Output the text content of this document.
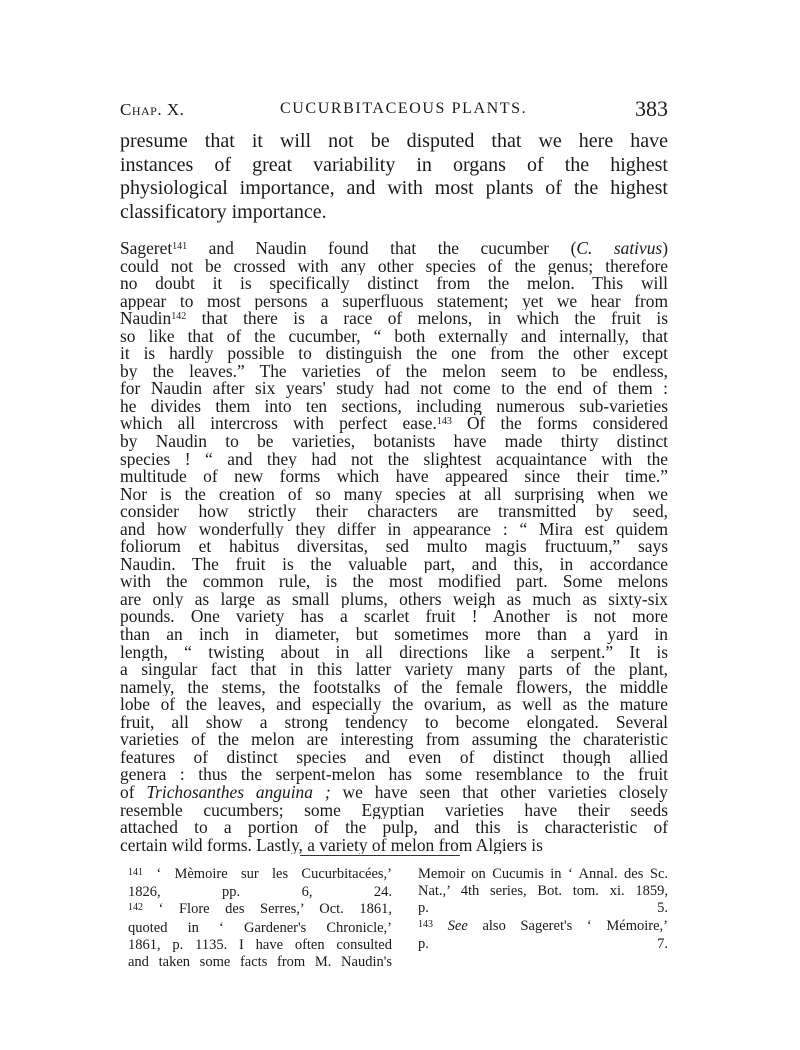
Chap. X.	CUCURBITACEOUS PLANTS.	383
presume that it will not be disputed that we here have
instances of great variability in organs of the highest
physiological importance, and with most plants of the highest
classificatory importance.
Sageret$^{141}$ and Naudin found that the cucumber (C. sativus)
could not be crossed with any other species of the genus; therefore
no doubt it is specifically distinct from the melon. This will
appear to most persons a superfluous statement; yet we hear from
Naudin$^{142}$ that there is a race of melons, in which the fruit is
so like that of the cucumber, “ both externally and internally, that
it is hardly possible to distinguish the one from the other except
by the leaves.” The varieties of the melon seem to be endless,
for Naudin after six years' study had not come to the end of them :
he divides them into ten sections, including numerous sub-varieties
which all intercross with perfect ease.$^{143}$ Of the forms considered
by Naudin to be varieties, botanists have made thirty distinct
species ! “ and they had not the slightest acquaintance with the
multitude of new forms which have appeared since their time.”
Nor is the creation of so many species at all surprising when we
consider how strictly their characters are transmitted by seed,
and how wonderfully they differ in appearance : “ Mira est quidem
foliorum et habitus diversitas, sed multo magis fructuum,” says
Naudin. The fruit is the valuable part, and this, in accordance
with the common rule, is the most modified part. Some melons
are only as large as small plums, others weigh as much as sixty-six
pounds. One variety has a scarlet fruit ! Another is not more
than an inch in diameter, but sometimes more than a yard in
length, “ twisting about in all directions like a serpent.” It is
a singular fact that in this latter variety many parts of the plant,
namely, the stems, the footstalks of the female flowers, the middle
lobe of the leaves, and especially the ovarium, as well as the mature
fruit, all show a strong tendency to become elongated. Several
varieties of the melon are interesting from assuming the charateristic
features of distinct species and even of distinct though allied
genera : thus the serpent-melon has some resemblance to the fruit
of Trichosanthes anguina ; we have seen that other varieties closely
resemble cucumbers; some Egyptian varieties have their seeds
attached to a portion of the pulp, and this is characteristic of
certain wild forms. Lastly, a variety of melon from Algiers is
$^{141}$ ‘ Mèmoire sur les Cucurbitacées,’
1826, pp. 6, 24.
$^{142}$ ‘ Flore des Serres,’ Oct. 1861,
quoted in ‘ Gardener's Chronicle,’
1861, p. 1135. I have often consulted
and taken some facts from M. Naudin's
Memoir on Cucumis in ‘ Annal. des Sc.
Nat.,’ 4th series, Bot. tom. xi. 1859,
p. 5.
$^{143}$ See also Sageret's ‘ Mémoire,’
p. 7.
